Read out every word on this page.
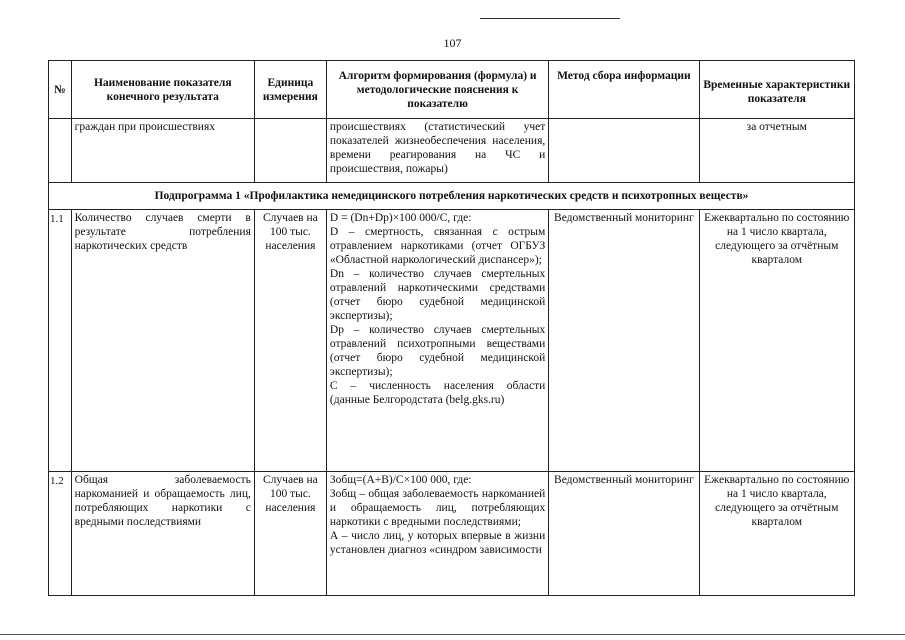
107
№	Наименование показателя конечного результата	Единица измерения	Алгоритм формирования (формула) и методологические пояснения к показателю	Метод сбора информации	Временные характеристики показателя
	граждан при происшествиях		происшествиях (статистический учет показателей жизнеобеспечения населения, времени реагирования на ЧС и происшествия, пожары)		за отчетным
Подпрограмма 1 «Профилактика немедицинского потребления наркотических средств и психотропных веществ»					
1.1	Количество случаев смерти в результате потребления наркотических средств	Случаев на 100 тыс. населения	D = (Dn+Dp)×100 000/C, где:
D – смертность, связанная с острым отравлением наркотиками (отчет ОГБУЗ «Областной наркологический диспансер»);
Dn – количество случаев смертельных отравлений наркотическими средствами (отчет бюро судебной медицинской экспертизы);
Dp – количество случаев смертельных отравлений психотропными веществами (отчет бюро судебной медицинской экспертизы);
C – численность населения области (данные Белгородстата (belg.gks.ru)	Ведомственный мониторинг	Ежеквартально по состоянию на 1 число квартала, следующего за отчётным кварталом
1.2	Общая заболеваемость наркоманией и обращаемость лиц, потребляющих наркотики с вредными последствиями	Случаев на 100 тыс. населения	Зобщ=(А+В)/С×100 000, где:
Зобщ – общая заболеваемость наркоманией и обращаемость лиц, потребляющих наркотики с вредными последствиями;
А – число лиц, у которых впервые в жизни установлен диагноз «синдром зависимости	Ведомственный мониторинг	Ежеквартально по состоянию на 1 число квартала, следующего за отчётным кварталом
